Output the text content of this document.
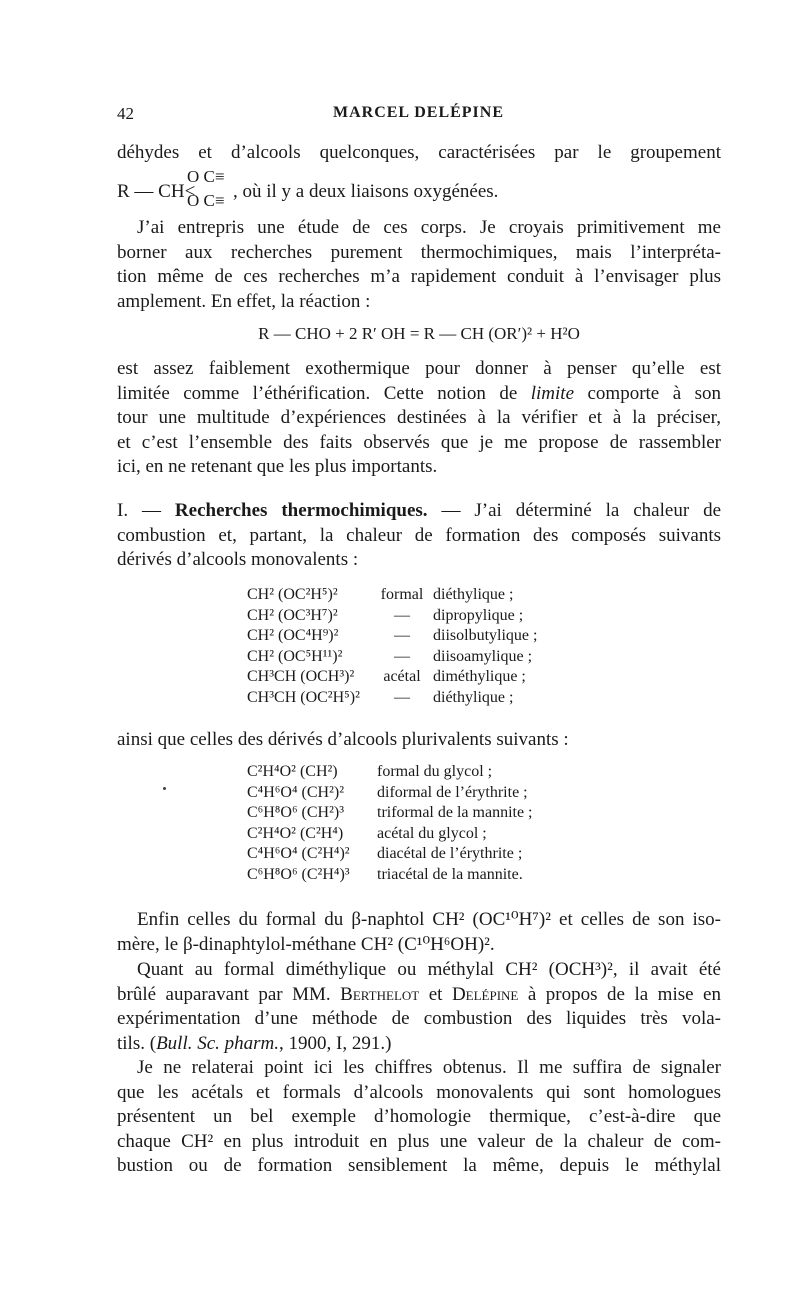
42	MARCEL DELÉPINE
déhydes et d’alcools quelconques, caractérisées par le groupement
R — CH<
O C≡
O C≡ , où il y a deux liaisons oxygénées.
J’ai entrepris une étude de ces corps. Je croyais primitivement me
borner aux recherches purement thermochimiques, mais l’interpréta-
tion même de ces recherches m’a rapidement conduit à l’envisager plus
amplement. En effet, la réaction :
R — CHO + 2 R′ OH = R — CH (OR′)² + H²O
est assez faiblement exothermique pour donner à penser qu’elle est
limitée comme l’éthérification. Cette notion de limite comporte à son
tour une multitude d’expériences destinées à la vérifier et à la préciser,
et c’est l’ensemble des faits observés que je me propose de rassembler
ici, en ne retenant que les plus importants.
I. — Recherches thermochimiques. — J’ai déterminé la chaleur de
combustion et, partant, la chaleur de formation des composés suivants
dérivés d’alcools monovalents :
CH² (OC²H⁵)²	formal	diéthylique ;
CH² (OC³H⁷)²	—	dipropylique ;
CH² (OC⁴H⁹)²	—	diisolbutylique ;
CH² (OC⁵H¹¹)²	—	diisoamylique ;
CH³CH (OCH³)²	acétal	diméthylique ;
CH³CH (OC²H⁵)²	—	diéthylique ;
ainsi que celles des dérivés d’alcools plurivalents suivants :
C²H⁴O² (CH²)	formal du glycol ;
C⁴H⁶O⁴ (CH²)²	diformal de l’érythrite ;
C⁶H⁸O⁶ (CH²)³	triformal de la mannite ;
C²H⁴O² (C²H⁴)	acétal du glycol ;
C⁴H⁶O⁴ (C²H⁴)²	diacétal de l’érythrite ;
C⁶H⁸O⁶ (C²H⁴)³	triacétal de la mannite.
Enfin celles du formal du β-naphtol CH² (OC¹⁰H⁷)² et celles de son iso-
mère, le β-dinaphtylol-méthane CH² (C¹⁰H⁶OH)².
Quant au formal diméthylique ou méthylal CH² (OCH³)², il avait été
brûlé auparavant par MM. Berthelot et Delépine à propos de la mise en
expérimentation d’une méthode de combustion des liquides très vola-
tils. (Bull. Sc. pharm., 1900, I, 291.)
Je ne relaterai point ici les chiffres obtenus. Il me suffira de signaler
que les acétals et formals d’alcools monovalents qui sont homologues
présentent un bel exemple d’homologie thermique, c’est-à-dire que
chaque CH² en plus introduit en plus une valeur de la chaleur de com-
bustion ou de formation sensiblement la même, depuis le méthylal
